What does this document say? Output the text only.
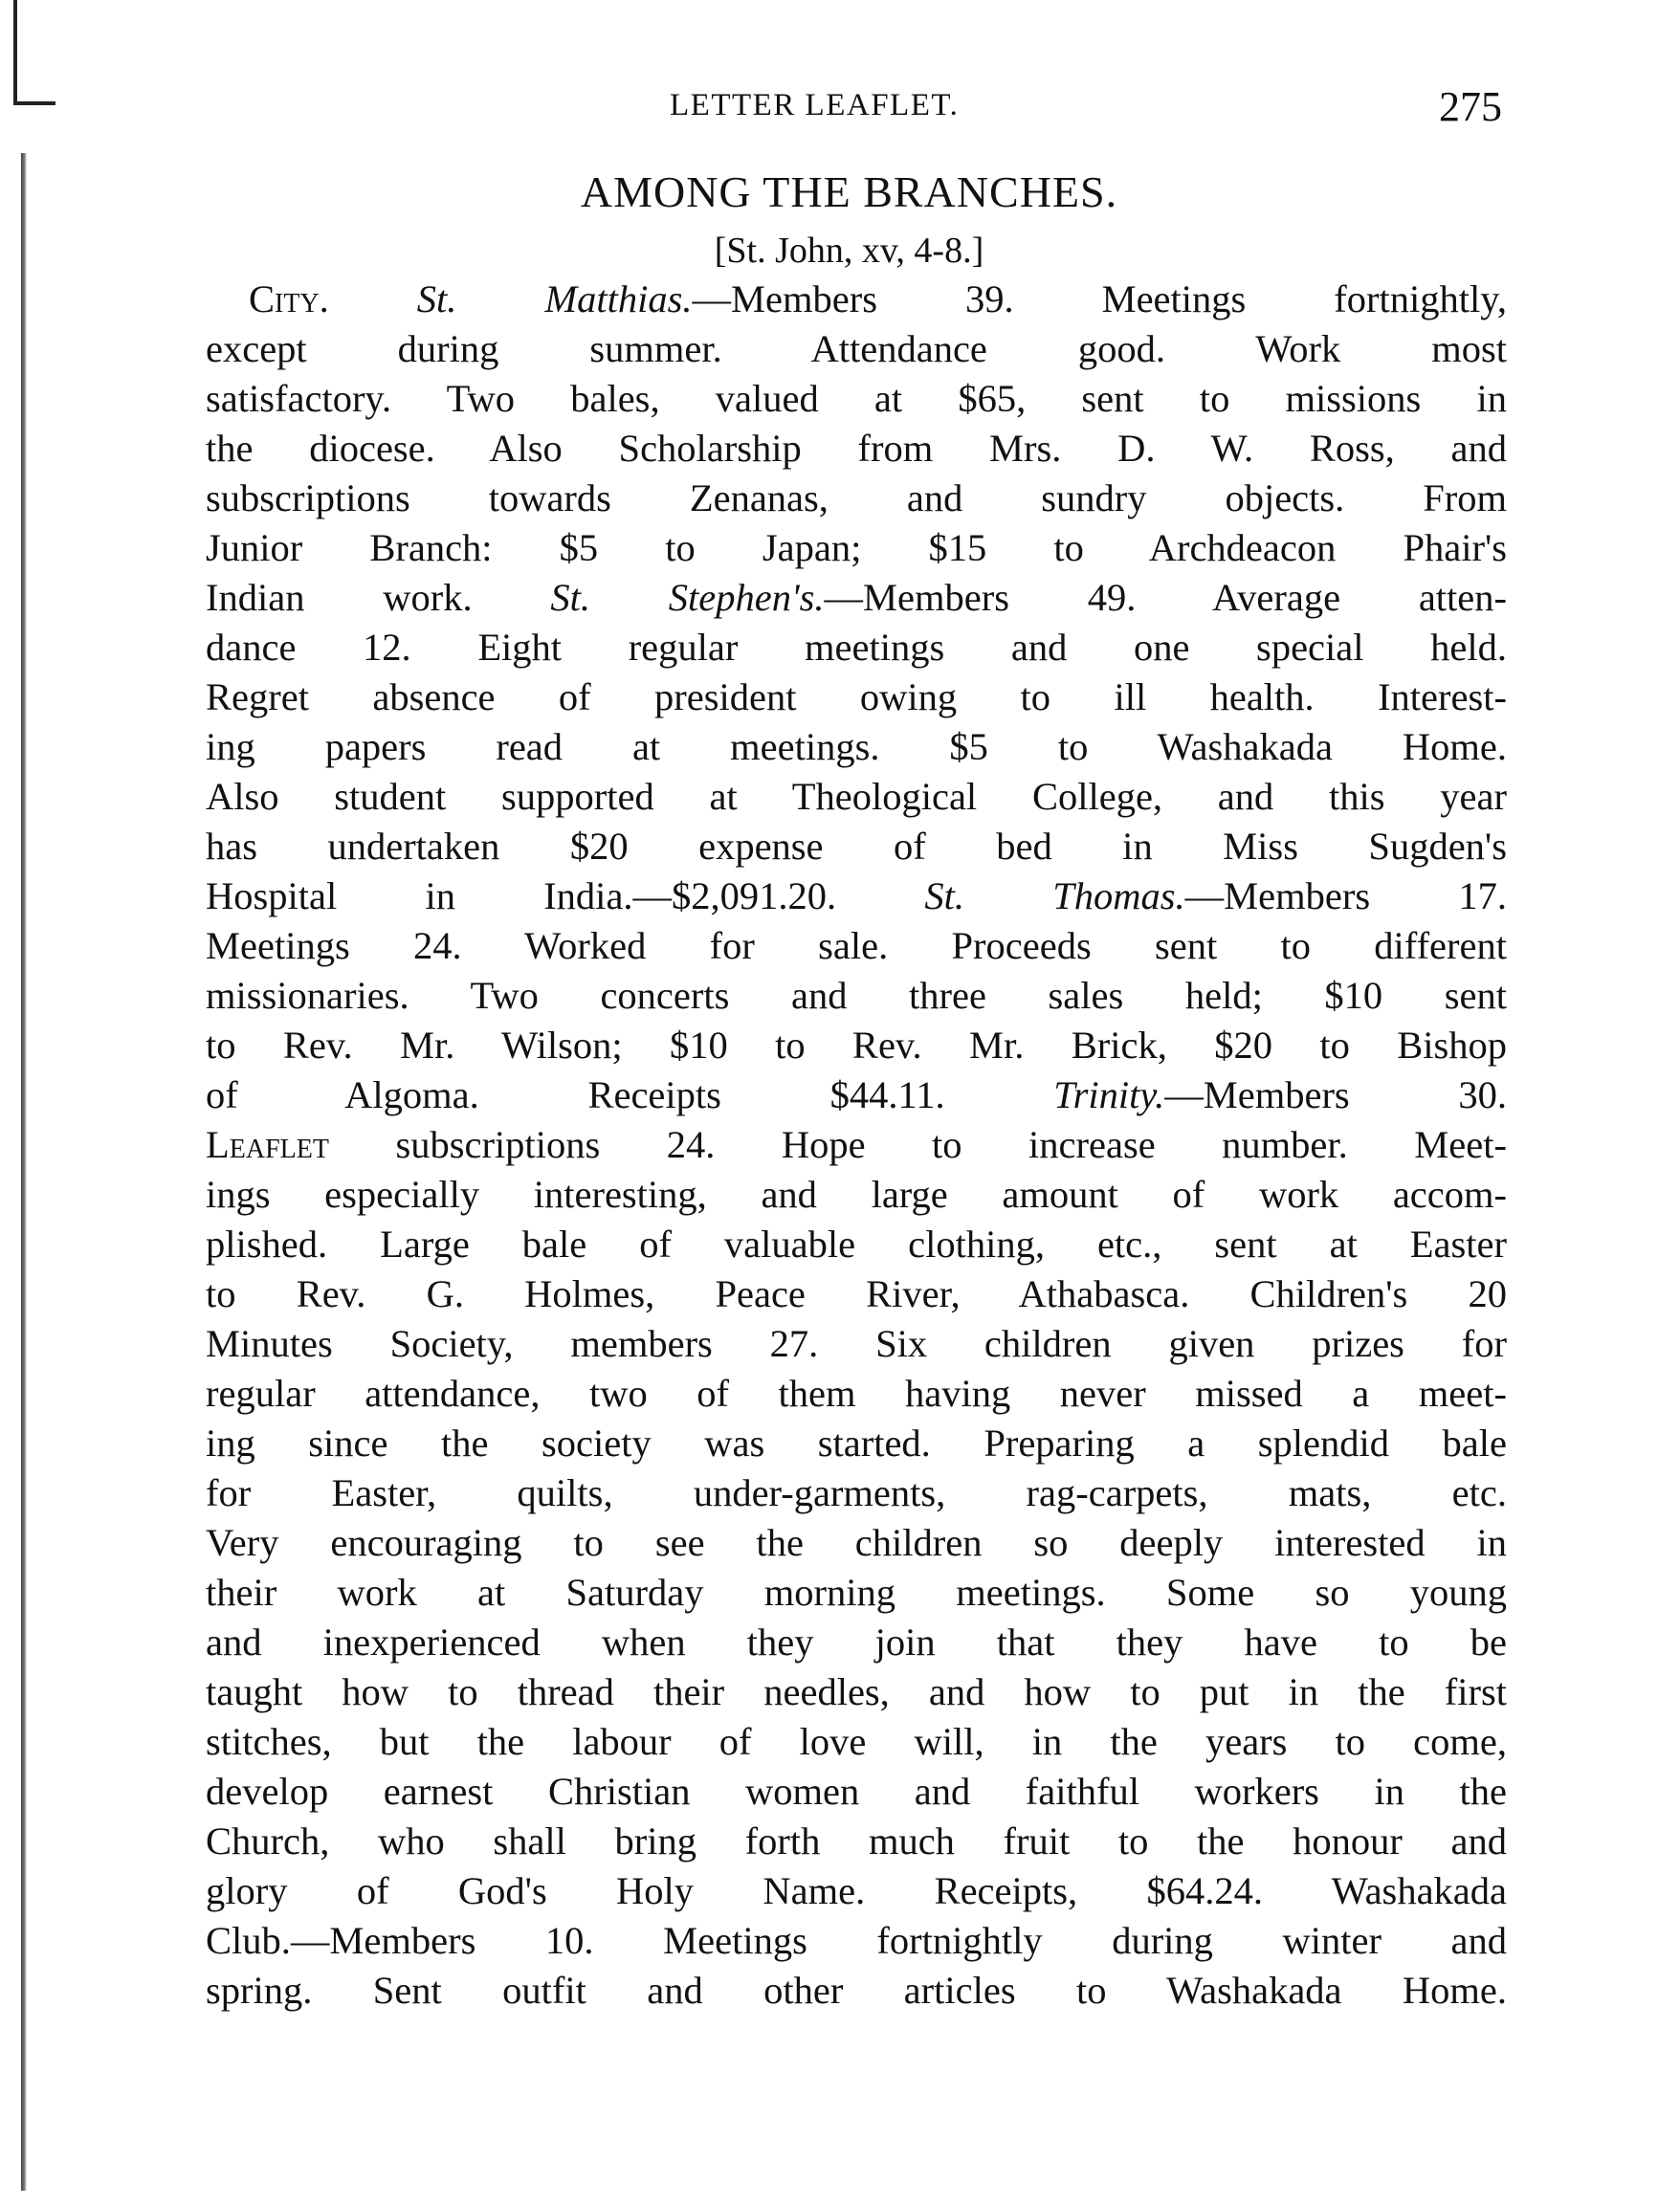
LETTER LEAFLET.	275
AMONG THE BRANCHES.
[St. John, xv, 4-8.]
City. St. Matthias.—Members 39. Meetings fortnightly,
except during summer. Attendance good. Work most
satisfactory. Two bales, valued at $65, sent to missions in
the diocese. Also Scholarship from Mrs. D. W. Ross, and
subscriptions towards Zenanas, and sundry objects. From
Junior Branch: $5 to Japan; $15 to Archdeacon Phair's
Indian work. St. Stephen's.—Members 49. Average atten-
dance 12. Eight regular meetings and one special held.
Regret absence of president owing to ill health. Interest-
ing papers read at meetings. $5 to Washakada Home.
Also student supported at Theological College, and this year
has undertaken $20 expense of bed in Miss Sugden's
Hospital in India.—$2,091.20. St. Thomas.—Members 17.
Meetings 24. Worked for sale. Proceeds sent to different
missionaries. Two concerts and three sales held; $10 sent
to Rev. Mr. Wilson; $10 to Rev. Mr. Brick, $20 to Bishop
of Algoma. Receipts $44.11. Trinity.—Members 30.
Leaflet subscriptions 24. Hope to increase number. Meet-
ings especially interesting, and large amount of work accom-
plished. Large bale of valuable clothing, etc., sent at Easter
to Rev. G. Holmes, Peace River, Athabasca. Children's 20
Minutes Society, members 27. Six children given prizes for
regular attendance, two of them having never missed a meet-
ing since the society was started. Preparing a splendid bale
for Easter, quilts, under-garments, rag-carpets, mats, etc.
Very encouraging to see the children so deeply interested in
their work at Saturday morning meetings. Some so young
and inexperienced when they join that they have to be
taught how to thread their needles, and how to put in the first
stitches, but the labour of love will, in the years to come,
develop earnest Christian women and faithful workers in the
Church, who shall bring forth much fruit to the honour and
glory of God's Holy Name. Receipts, $64.24. Washakada
Club.—Members 10. Meetings fortnightly during winter and
spring. Sent outfit and other articles to Washakada Home.
